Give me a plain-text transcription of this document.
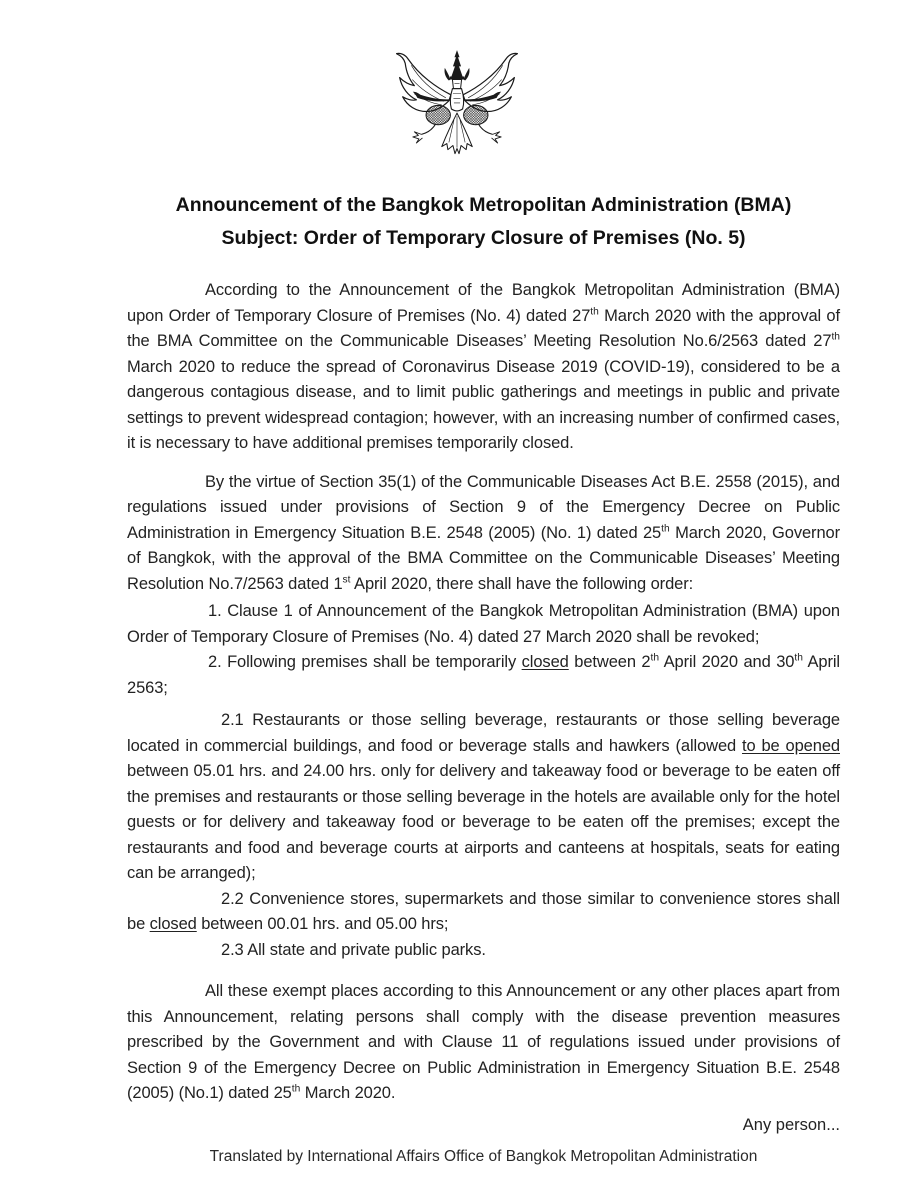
Announcement of the Bangkok Metropolitan Administration (BMA)
Subject: Order of Temporary Closure of Premises (No. 5)
According to the Announcement of the Bangkok Metropolitan Administration (BMA) upon Order of Temporary Closure of Premises (No. 4) dated 27th March 2020 with the approval of the BMA Committee on the Communicable Diseases’ Meeting Resolution No.6/2563 dated 27th March 2020 to reduce the spread of Coronavirus Disease 2019 (COVID-19), considered to be a dangerous contagious disease, and to limit public gatherings and meetings in public and private settings to prevent widespread contagion; however, with an increasing number of confirmed cases, it is necessary to have additional premises temporarily closed.
By the virtue of Section 35(1) of the Communicable Diseases Act B.E. 2558 (2015), and regulations issued under provisions of Section 9 of the Emergency Decree on Public Administration in Emergency Situation B.E. 2548 (2005) (No. 1) dated 25th March 2020, Governor of Bangkok, with the approval of the BMA Committee on the Communicable Diseases’ Meeting Resolution No.7/2563 dated 1st April 2020, there shall have the following order:
1. Clause 1 of Announcement of the Bangkok Metropolitan Administration (BMA) upon Order of Temporary Closure of Premises (No. 4) dated 27 March 2020 shall be revoked;
2. Following premises shall be temporarily closed between 2th April 2020 and 30th April 2563;
2.1 Restaurants or those selling beverage, restaurants or those selling beverage located in commercial buildings, and food or beverage stalls and hawkers (allowed to be opened between 05.01 hrs. and 24.00 hrs. only for delivery and takeaway food or beverage to be eaten off the premises and restaurants or those selling beverage in the hotels are available only for the hotel guests or for delivery and takeaway food or beverage to be eaten off the premises; except the restaurants and food and beverage courts at airports and canteens at hospitals, seats for eating can be arranged);
2.2 Convenience stores, supermarkets and those similar to convenience stores shall be closed between 00.01 hrs. and 05.00 hrs;
2.3 All state and private public parks.
All these exempt places according to this Announcement or any other places apart from this Announcement, relating persons shall comply with the disease prevention measures prescribed by the Government and with Clause 11 of regulations issued under provisions of Section 9 of the Emergency Decree on Public Administration in Emergency Situation B.E. 2548 (2005) (No.1) dated 25th March 2020.
Any person...
Translated by International Affairs Office of Bangkok Metropolitan Administration
